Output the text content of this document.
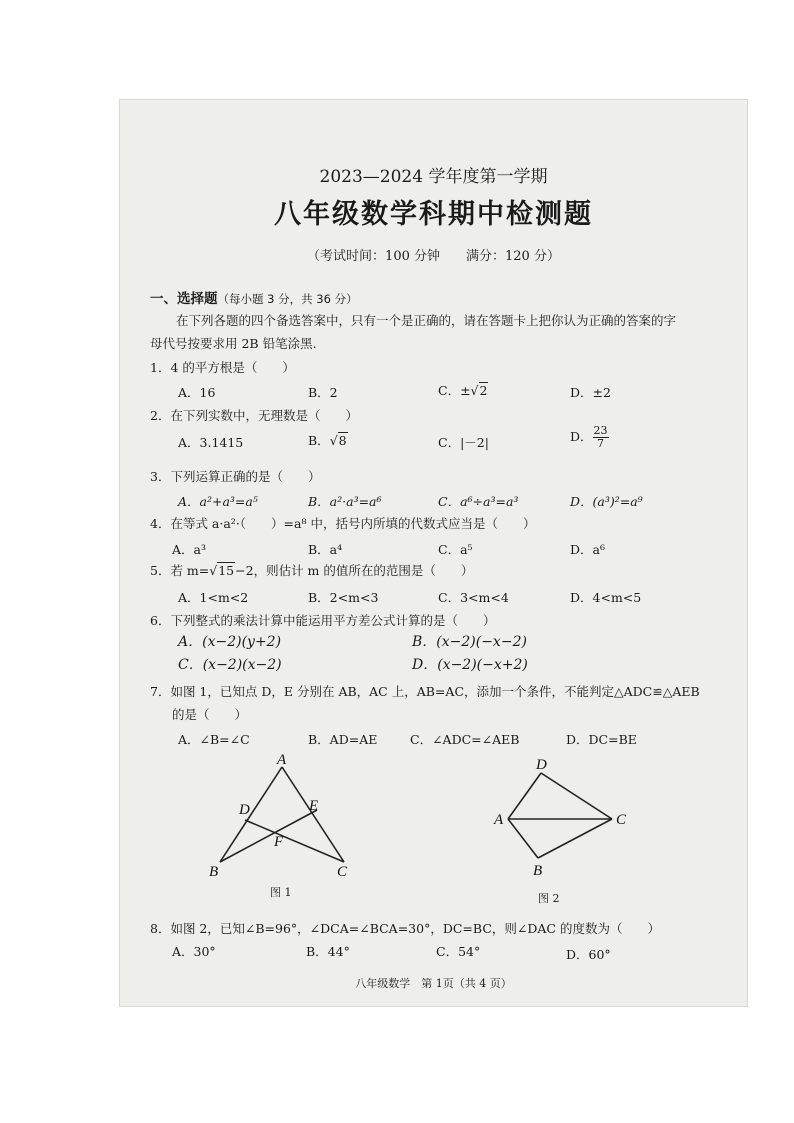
2023—2024 学年度第一学期
八年级数学科期中检测题
（考试时间：100 分钟　　满分：120 分）
一、选择题（每小题 3 分，共 36 分）
在下列各题的四个备选答案中，只有一个是正确的，请在答题卡上把你认为正确的答案的字
母代号按要求用 2B 铅笔涂黑.
1．4 的平方根是（　　）
A．16	B．2	C．±√2	D．±2
2．在下列实数中，无理数是（　　）
A．3.1415	B．√8	C．|－2|	D． $\frac{23}{7}$
3．下列运算正确的是（　　）
A．a²+a³=a⁵	B．a²·a³=a⁶	C．a⁶÷a³=a³	D．(a³)²=a⁹
4．在等式 a·a²·（　　）=a⁸ 中，括号内所填的代数式应当是（　　）
A．a³	B．a⁴	C．a⁵	D．a⁶
5．若 m=√15−2，则估计 m 的值所在的范围是（　　）
A．1<m<2	B．2<m<3	C．3<m<4	D．4<m<5
6．下列整式的乘法计算中能运用平方差公式计算的是（　　）
A．(x−2)(y+2)	B．(x−2)(−x−2)
C．(x−2)(x−2)	D．(x−2)(−x+2)
7．如图 1，已知点 D，E 分别在 AB，AC 上，AB=AC，添加一个条件，不能判定△ADC≌△AEB
的是（　　）
A．∠B=∠C	B．AD=AE	C．∠ADC=∠AEB	D．DC=BE
A
B	C
D	E
F
图 1
D
A	C
B
图 2
8．如图 2，已知∠B=96°，∠DCA=∠BCA=30°，DC=BC，则∠DAC 的度数为（　　）
A．30°	B．44°	C．54°	D．60°
八年级数学　第 1页（共 4 页）
